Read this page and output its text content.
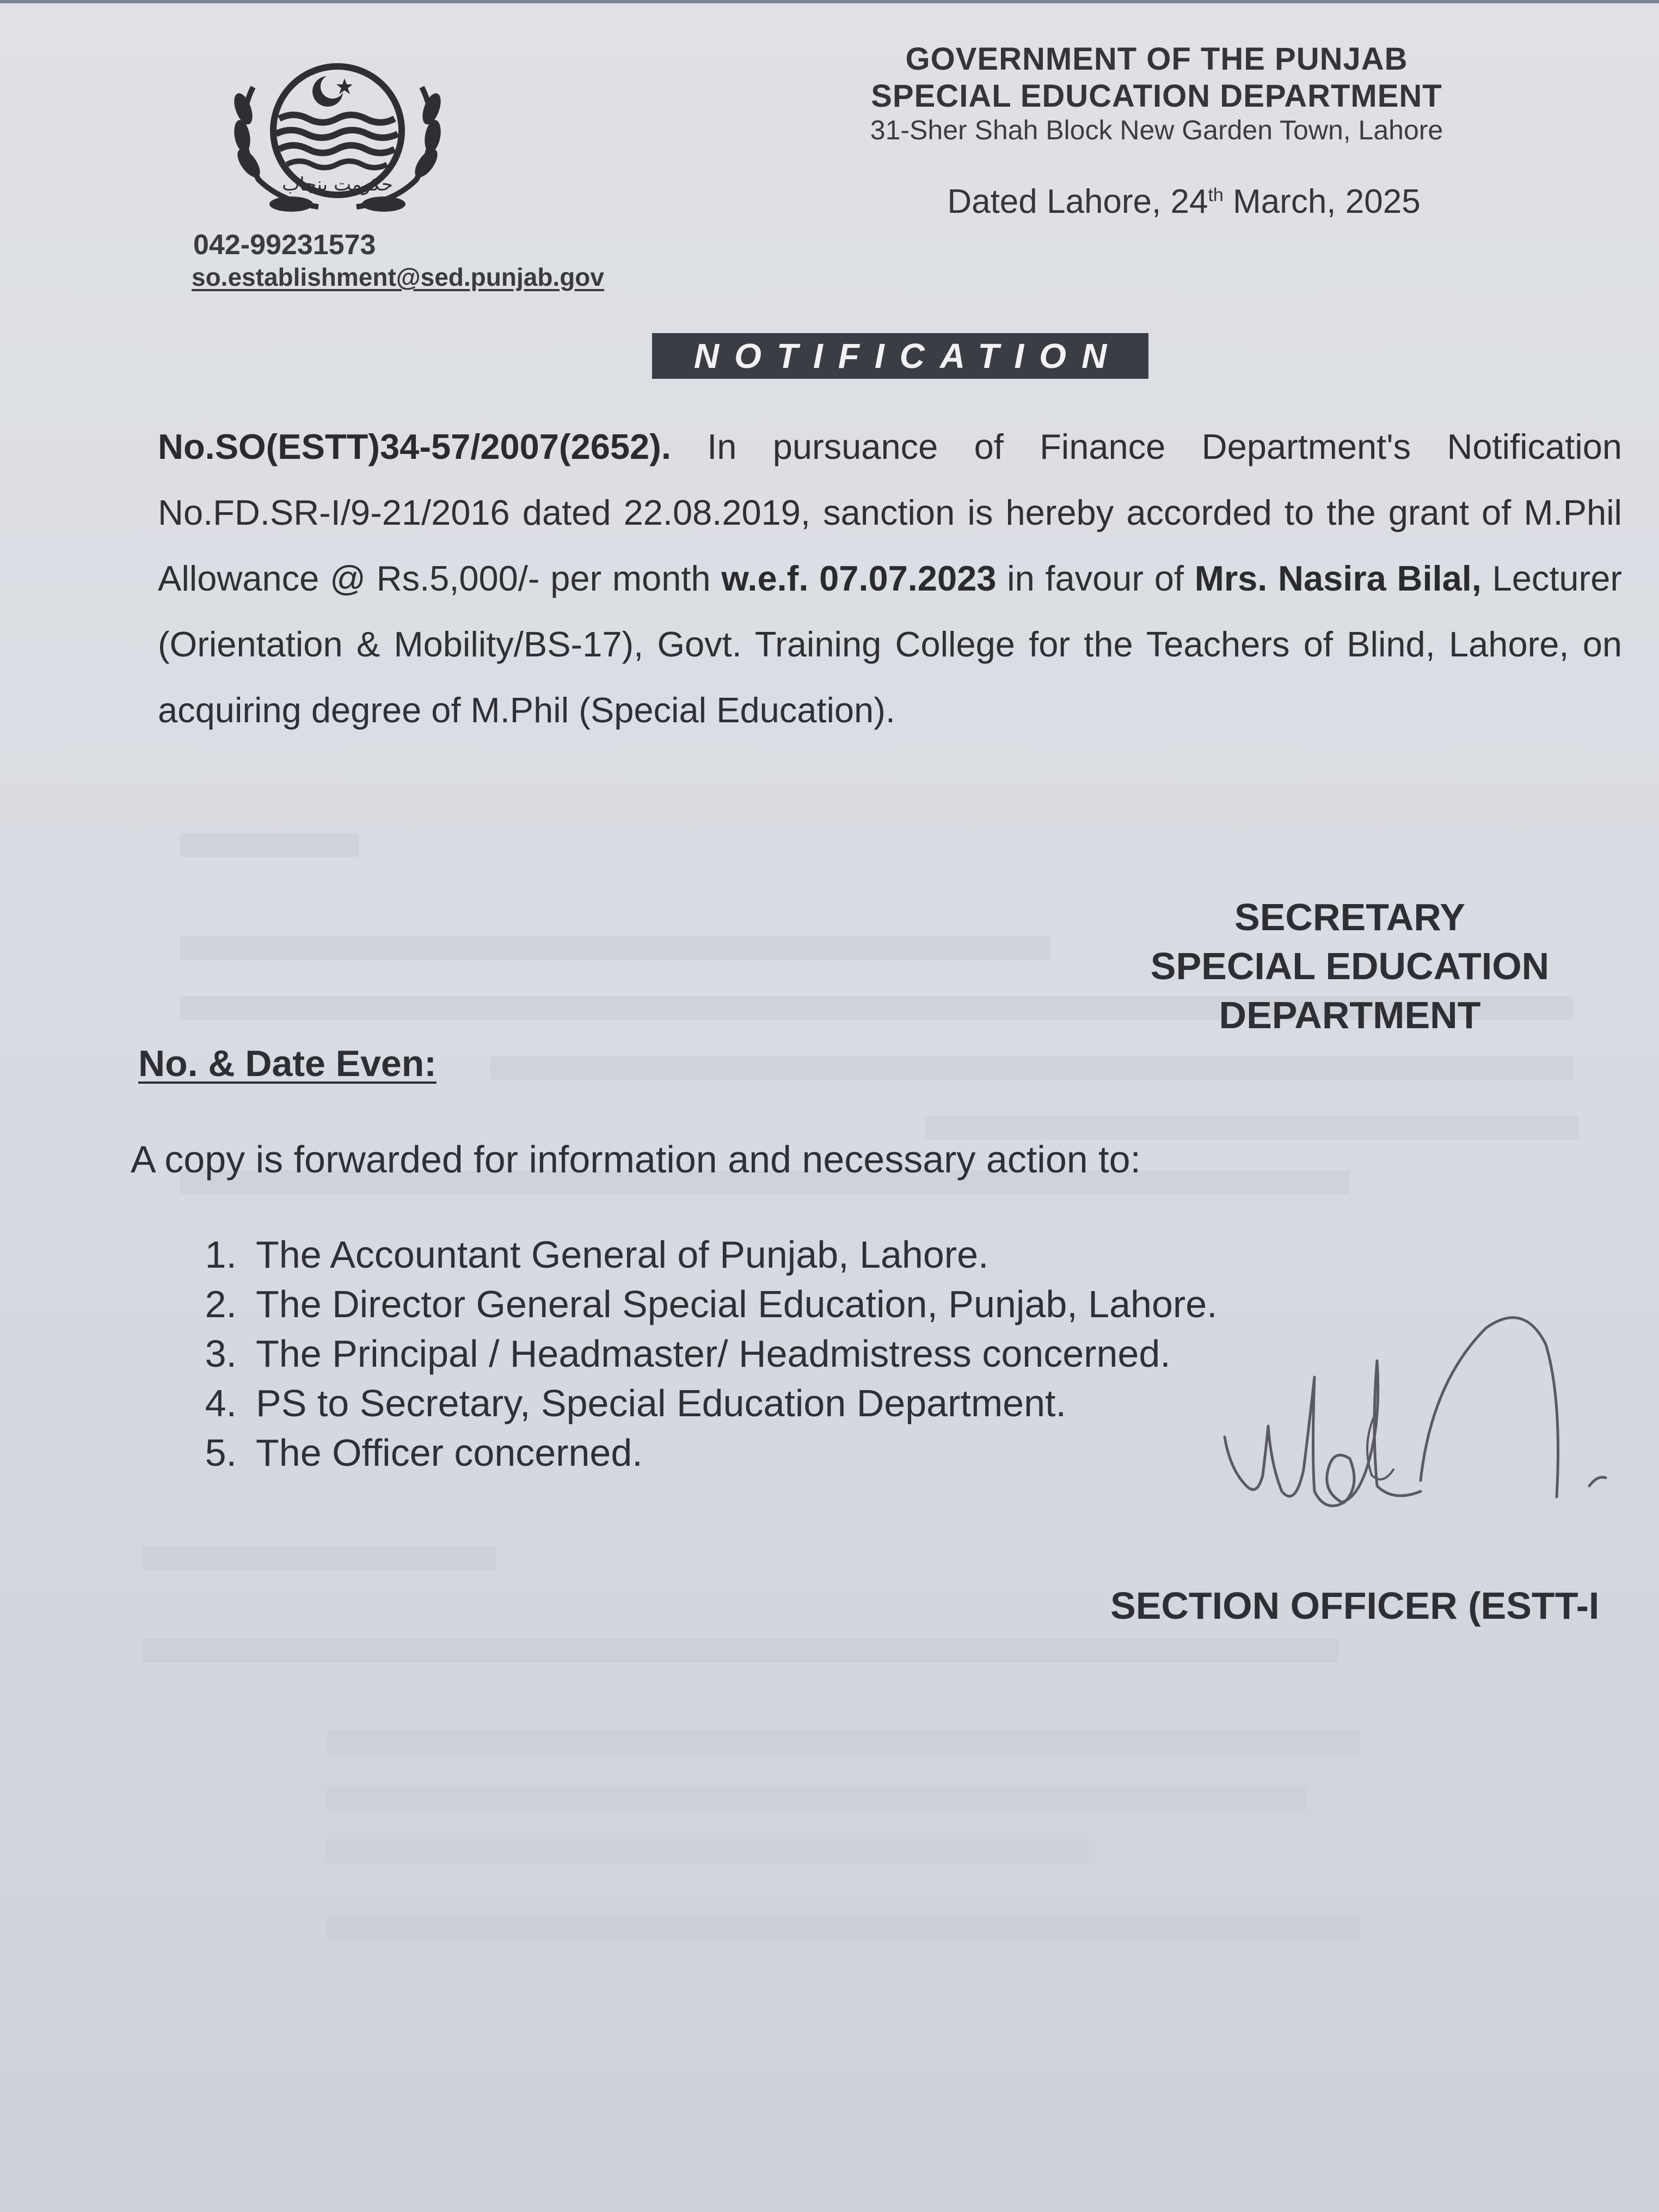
حکومت پنجاب
GOVERNMENT OF THE PUNJAB
SPECIAL EDUCATION DEPARTMENT
31-Sher Shah Block New Garden Town, Lahore
Dated Lahore, 24th March, 2025
042-99231573
so.establishment@sed.punjab.gov
NOTIFICATION
No.SO(ESTT)34-57/2007(2652). In pursuance of Finance Department's Notification No.FD.SR-I/9-21/2016 dated 22.08.2019, sanction is hereby accorded to the grant of M.Phil Allowance @ Rs.5,000/- per month w.e.f. 07.07.2023 in favour of Mrs. Nasira Bilal, Lecturer (Orientation & Mobility/BS-17), Govt. Training College for the Teachers of Blind, Lahore, on acquiring degree of M.Phil (Special Education).
SECRETARY
SPECIAL EDUCATION
DEPARTMENT
No. & Date Even:
A copy is forwarded for information and necessary action to:
1. The Accountant General of Punjab, Lahore.
2. The Director General Special Education, Punjab, Lahore.
3. The Principal / Headmaster/ Headmistress concerned.
4. PS to Secretary, Special Education Department.
5. The Officer concerned.
SECTION OFFICER (ESTT-I
